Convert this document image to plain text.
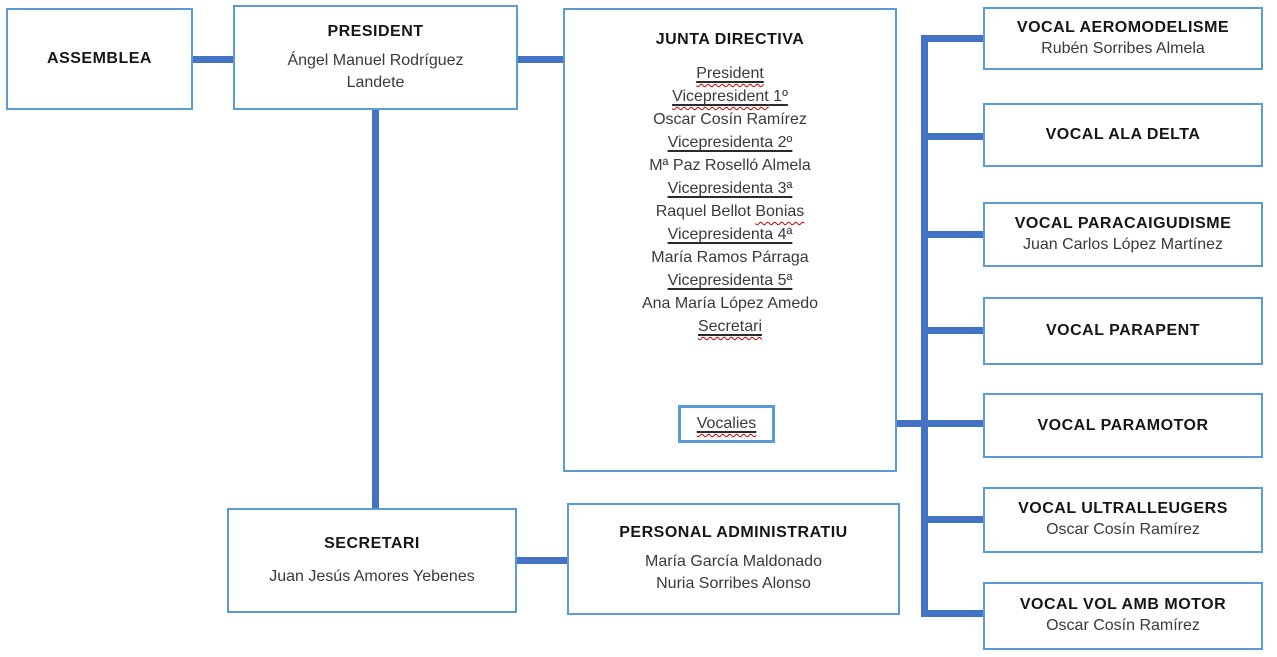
ASSEMBLEA
PRESIDENT
Ángel Manuel Rodríguez Landete
JUNTA DIRECTIVA
President
Vicepresident 1º
Oscar Cosín Ramírez
Vicepresidenta 2º
Mª Paz Roselló Almela
Vicepresidenta 3ª
Raquel Bellot Bonias
Vicepresidenta 4ª
María Ramos Párraga
Vicepresidenta 5ª
Ana María López Amedo
Secretari
Vocalies
SECRETARI
Juan Jesús Amores Yebenes
PERSONAL ADMINISTRATIU
María García Maldonado
Nuria Sorribes Alonso
VOCAL AEROMODELISME
Rubén Sorribes Almela
VOCAL ALA DELTA
VOCAL PARACAIGUDISME
Juan Carlos López Martínez
VOCAL PARAPENT
VOCAL PARAMOTOR
VOCAL ULTRALLEUGERS
Oscar Cosín Ramírez
VOCAL VOL AMB MOTOR
Oscar Cosín Ramírez
